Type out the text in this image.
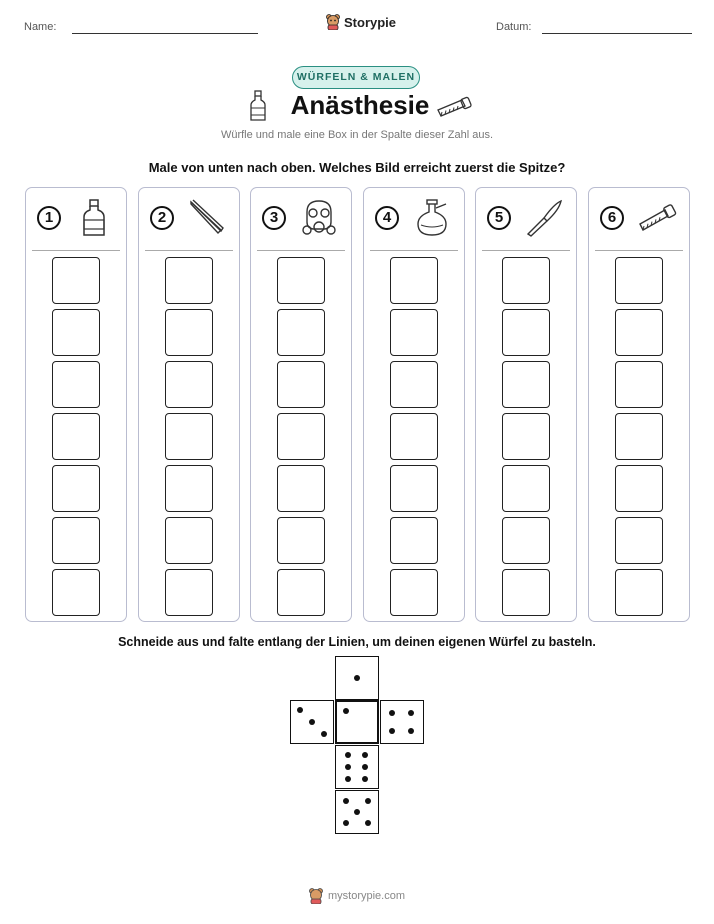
Name:	Storypie	Datum:
WÜRFELN & MALEN
Anästhesie
Würfle und male eine Box in der Spalte dieser Zahl aus.
Male von unten nach oben. Welches Bild erreicht zuerst die Spitze?
1	2	3	4	5	6
Schneide aus und falte entlang der Linien, um deinen eigenen Würfel zu basteln.
mystorypie.com
